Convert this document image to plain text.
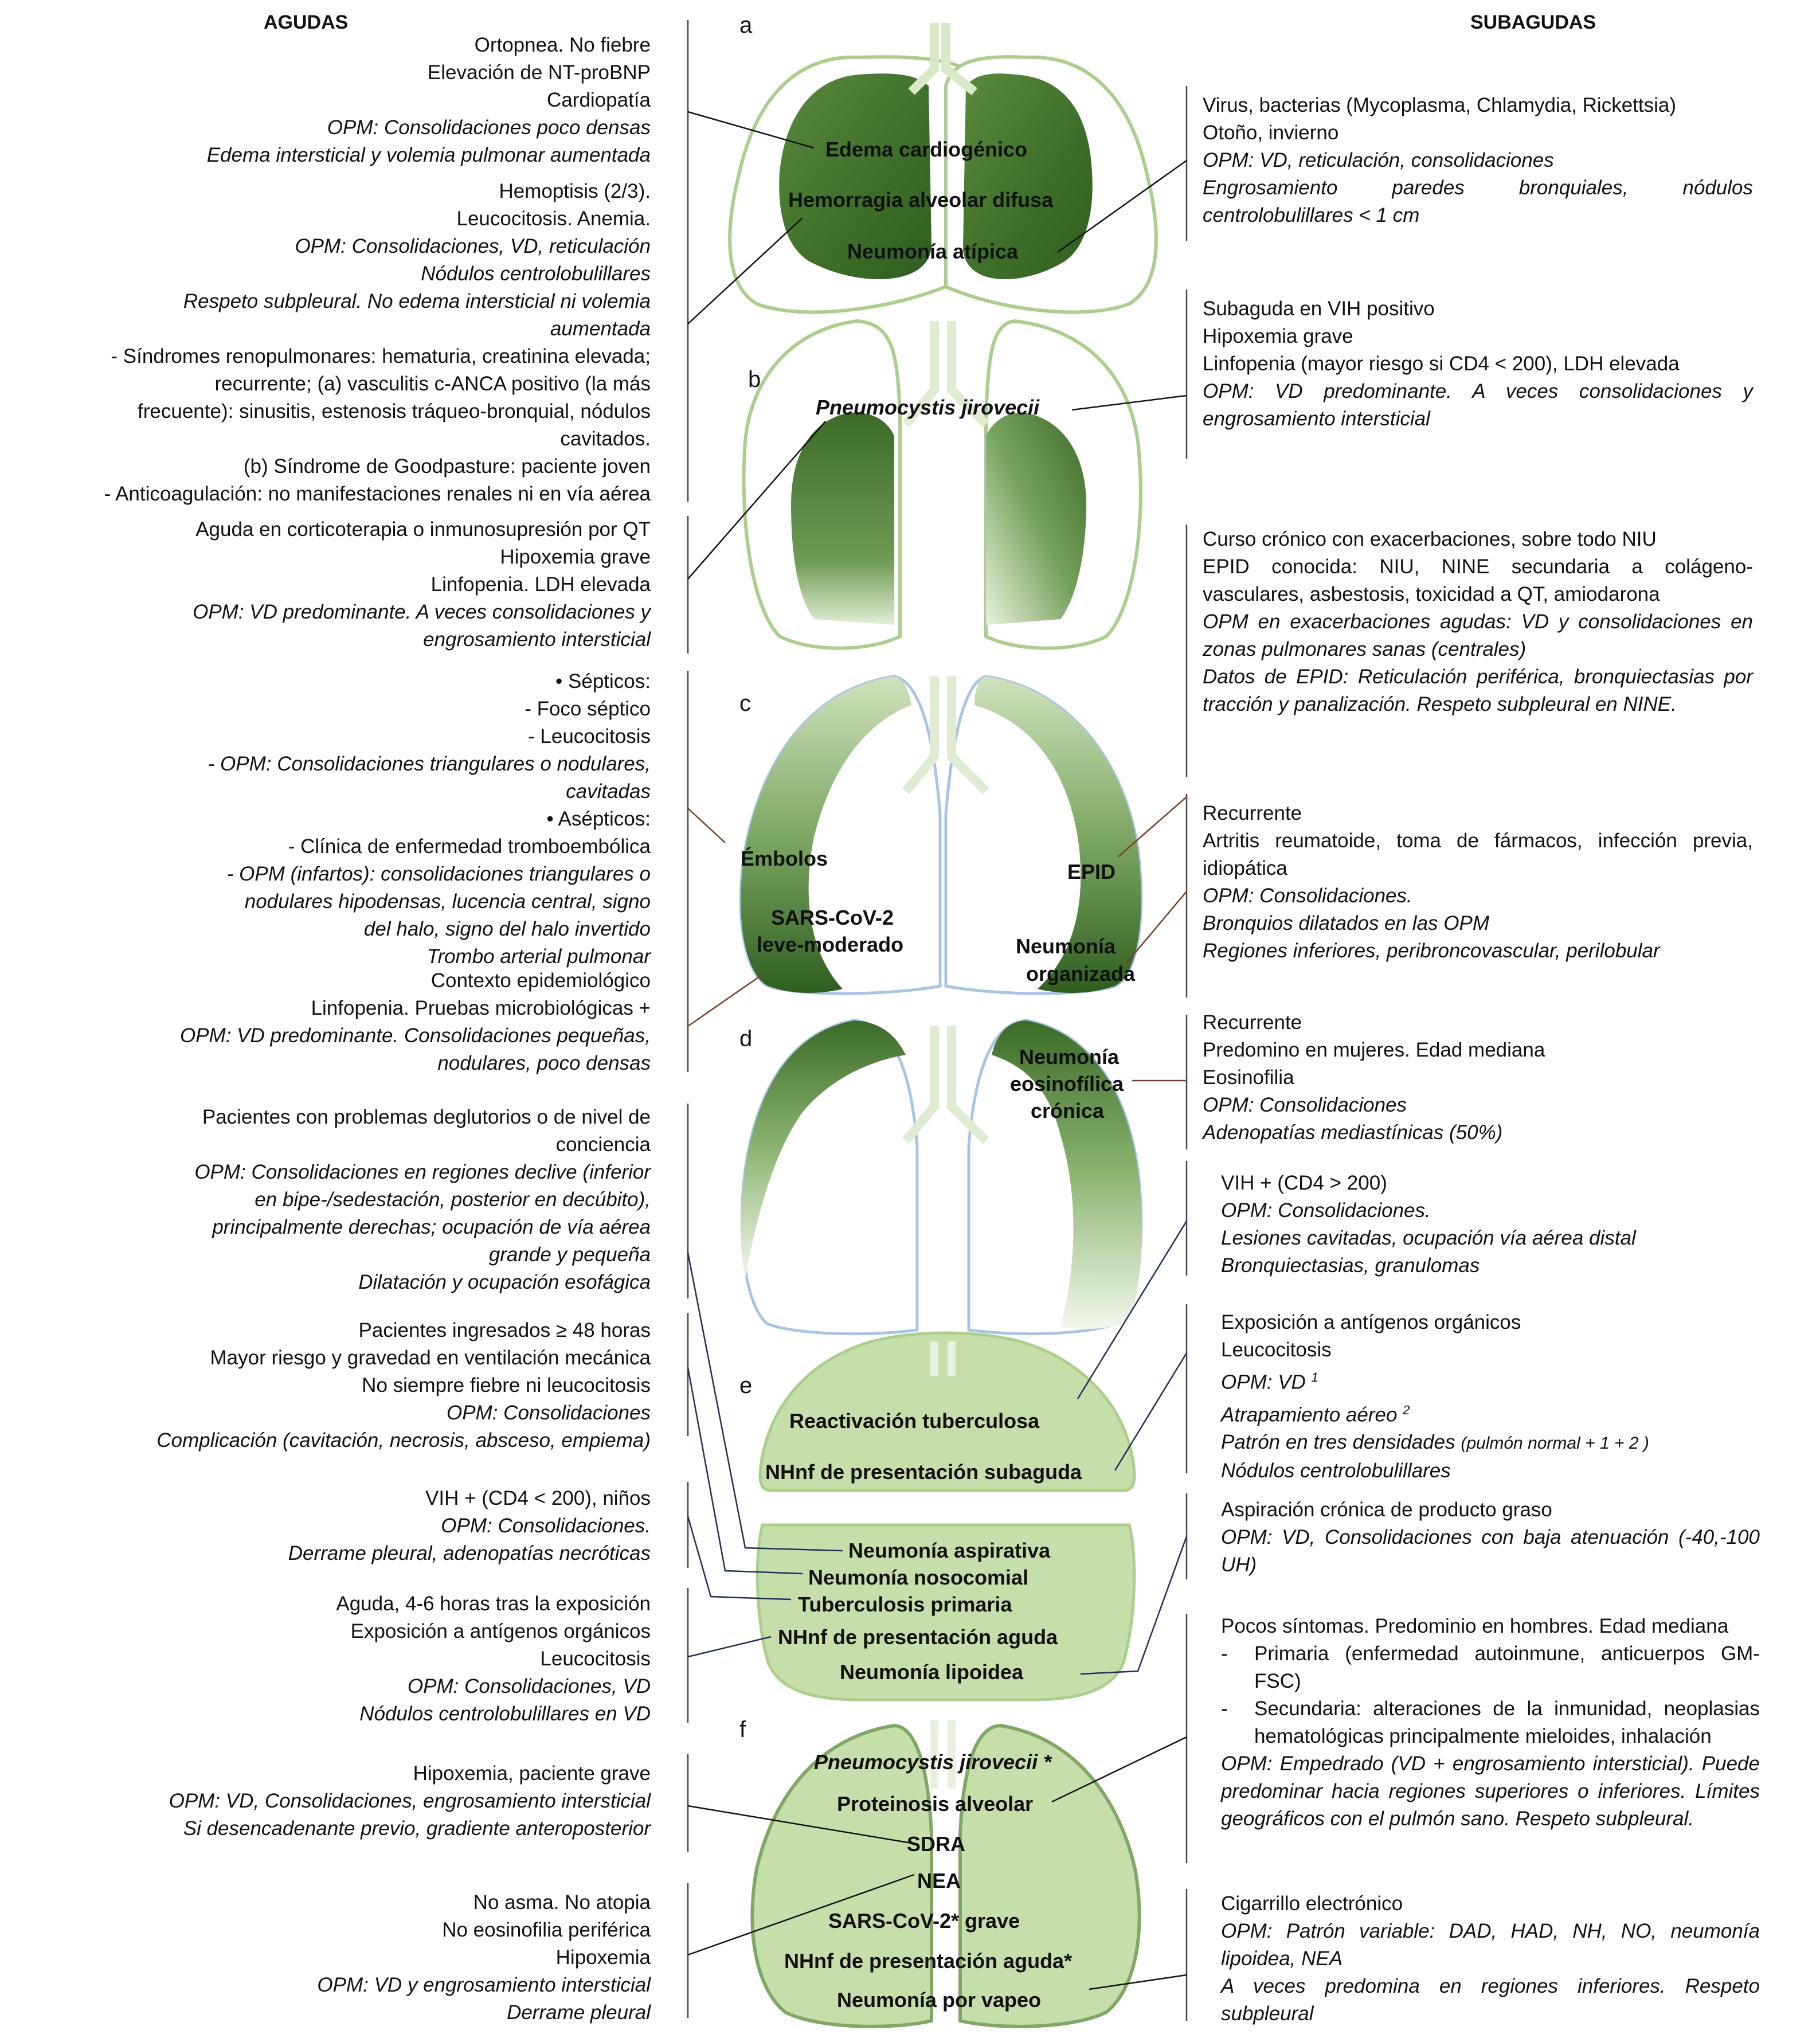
AGUDAS	SUBAGUDAS
a
b
c
d
e
f
Edema cardiogénico
Hemorragia alveolar difusa
Neumonía atípica
Pneumocystis jirovecii
Émbolos
SARS-CoV-2
leve-moderado
EPID
Neumonía
organizada
Neumonía
eosinofílica
crónica
Reactivación tuberculosa
NHnf de presentación subaguda
Neumonía aspirativa
Neumonía nosocomial
Tuberculosis primaria
NHnf de presentación aguda
Neumonía lipoidea
Pneumocystis jirovecii *
Proteinosis alveolar
SDRA
NEA
SARS-CoV-2* grave
NHnf de presentación aguda*
Neumonía por vapeo
Ortopnea. No fiebre
Elevación de NT-proBNP
Cardiopatía
OPM: Consolidaciones poco densas
Edema intersticial y volemia pulmonar aumentada
Hemoptisis (2/3).
Leucocitosis. Anemia.
OPM: Consolidaciones, VD, reticulación
Nódulos centrolobulillares
Respeto subpleural. No edema intersticial ni volemia
aumentada
- Síndromes renopulmonares: hematuria, creatinina elevada;
recurrente; (a) vasculitis c-ANCA positivo (la más
frecuente): sinusitis, estenosis tráqueo-bronquial, nódulos
cavitados.
(b) Síndrome de Goodpasture: paciente joven
- Anticoagulación: no manifestaciones renales ni en vía aérea
Aguda en corticoterapia o inmunosupresión por QT
Hipoxemia grave
Linfopenia. LDH elevada
OPM: VD predominante. A veces consolidaciones y
engrosamiento intersticial
• Sépticos:
- Foco séptico
- Leucocitosis
- OPM: Consolidaciones triangulares o nodulares,
cavitadas
• Asépticos:
- Clínica de enfermedad tromboembólica
- OPM (infartos): consolidaciones triangulares o
nodulares hipodensas, lucencia central, signo
del halo, signo del halo invertido
Trombo arterial pulmonar
Contexto epidemiológico
Linfopenia. Pruebas microbiológicas +
OPM: VD predominante. Consolidaciones pequeñas,
nodulares, poco densas
Pacientes con problemas deglutorios o de nivel de
conciencia
OPM: Consolidaciones en regiones declive (inferior
en bipe-/sedestación, posterior en decúbito),
principalmente derechas; ocupación de vía aérea
grande y pequeña
Dilatación y ocupación esofágica
Pacientes ingresados ≥ 48 horas
Mayor riesgo y gravedad en ventilación mecánica
No siempre fiebre ni leucocitosis
OPM: Consolidaciones
Complicación (cavitación, necrosis, absceso, empiema)
VIH + (CD4 < 200), niños
OPM: Consolidaciones.
Derrame pleural, adenopatías necróticas
Aguda, 4-6 horas tras la exposición
Exposición a antígenos orgánicos
Leucocitosis
OPM: Consolidaciones, VD
Nódulos centrolobulillares en VD
Hipoxemia, paciente grave
OPM: VD, Consolidaciones, engrosamiento intersticial
Si desencadenante previo, gradiente anteroposterior
No asma. No atopia
No eosinofilia periférica
Hipoxemia
OPM: VD y engrosamiento intersticial
Derrame pleural
Virus, bacterias (Mycoplasma, Chlamydia, Rickettsia)
Otoño, invierno
OPM: VD, reticulación, consolidaciones
Engrosamiento paredes bronquiales, nódulos centrolobulillares < 1 cm
Subaguda en VIH positivo
Hipoxemia grave
Linfopenia (mayor riesgo si CD4 < 200), LDH elevada
OPM: VD predominante. A veces consolidaciones y engrosamiento intersticial
Curso crónico con exacerbaciones, sobre todo NIU
EPID conocida: NIU, NINE secundaria a colágeno-vasculares, asbestosis, toxicidad a QT, amiodarona
OPM en exacerbaciones agudas: VD y consolidaciones en zonas pulmonares sanas (centrales)
Datos de EPID: Reticulación periférica, bronquiectasias por tracción y panalización. Respeto subpleural en NINE.
Recurrente
Artritis reumatoide, toma de fármacos, infección previa, idiopática
OPM: Consolidaciones.
Bronquios dilatados en las OPM
Regiones inferiores, peribroncovascular, perilobular
Recurrente
Predomino en mujeres. Edad mediana
Eosinofilia
OPM: Consolidaciones
Adenopatías mediastínicas (50%)
VIH + (CD4 > 200)
OPM: Consolidaciones.
Lesiones cavitadas, ocupación vía aérea distal
Bronquiectasias, granulomas
Exposición a antígenos orgánicos
Leucocitosis
OPM: VD $^1$
Atrapamiento aéreo $^2$
Patrón en tres densidades (pulmón normal + 1 + 2 )
Nódulos centrolobulillares
Aspiración crónica de producto graso
OPM: VD, Consolidaciones con baja atenuación (-40,-100 UH)
Pocos síntomas. Predominio en hombres. Edad mediana
- Primaria (enfermedad autoinmune, anticuerpos GM-FSC)
- Secundaria: alteraciones de la inmunidad, neoplasias hematológicas principalmente mieloides, inhalación
OPM: Empedrado (VD + engrosamiento intersticial). Puede predominar hacia regiones superiores o inferiores. Límites geográficos con el pulmón sano. Respeto subpleural.
Cigarrillo electrónico
OPM: Patrón variable: DAD, HAD, NH, NO, neumonía lipoidea, NEA
A veces predomina en regiones inferiores. Respeto subpleural
